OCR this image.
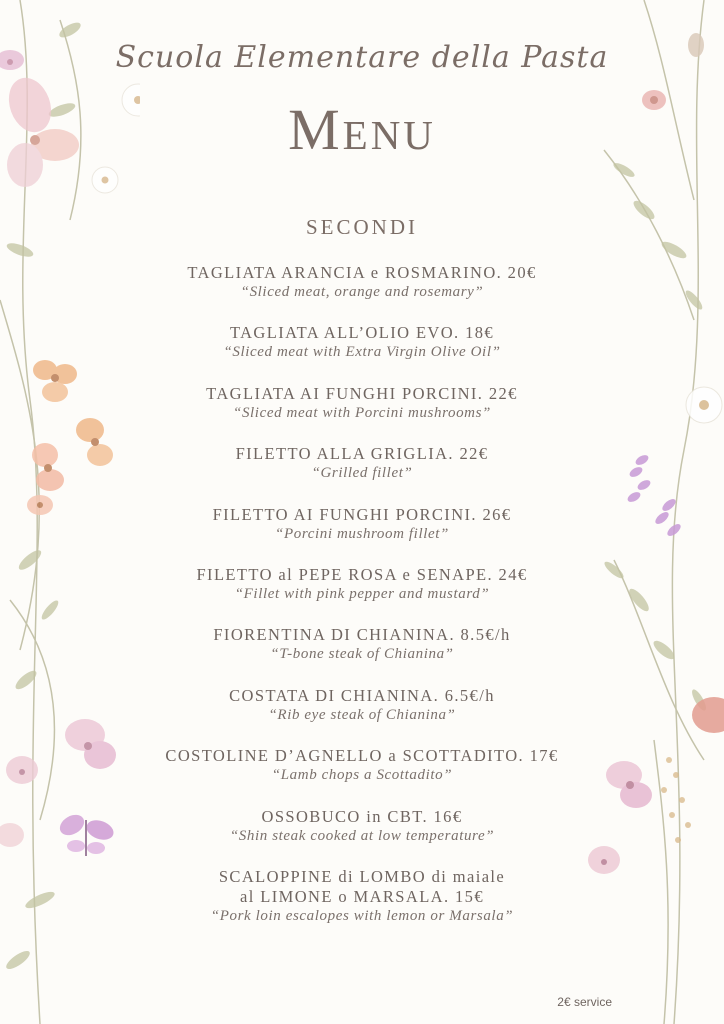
Scuola Elementare della Pasta
Menu
SECONDI
TAGLIATA ARANCIA e ROSMARINO. 20€
“Sliced meat, orange and rosemary”
TAGLIATA ALL’OLIO EVO. 18€
“Sliced meat with Extra Virgin Olive Oil”
TAGLIATA AI FUNGHI PORCINI. 22€
“Sliced meat with Porcini mushrooms”
FILETTO ALLA GRIGLIA. 22€
“Grilled fillet”
FILETTO AI FUNGHI PORCINI. 26€
“Porcini mushroom fillet”
FILETTO al PEPE ROSA e SENAPE. 24€
“Fillet with pink pepper and mustard”
FIORENTINA DI CHIANINA. 8.5€/h
“T-bone steak of Chianina”
COSTATA DI CHIANINA. 6.5€/h
“Rib eye steak of Chianina”
COSTOLINE D’AGNELLO a SCOTTADITO. 17€
“Lamb chops a Scottadito”
OSSOBUCO in CBT. 16€
“Shin steak cooked at low temperature”
SCALOPPINE di LOMBO di maiale
al LIMONE o MARSALA. 15€
“Pork loin escalopes with lemon or Marsala”
2€ service
